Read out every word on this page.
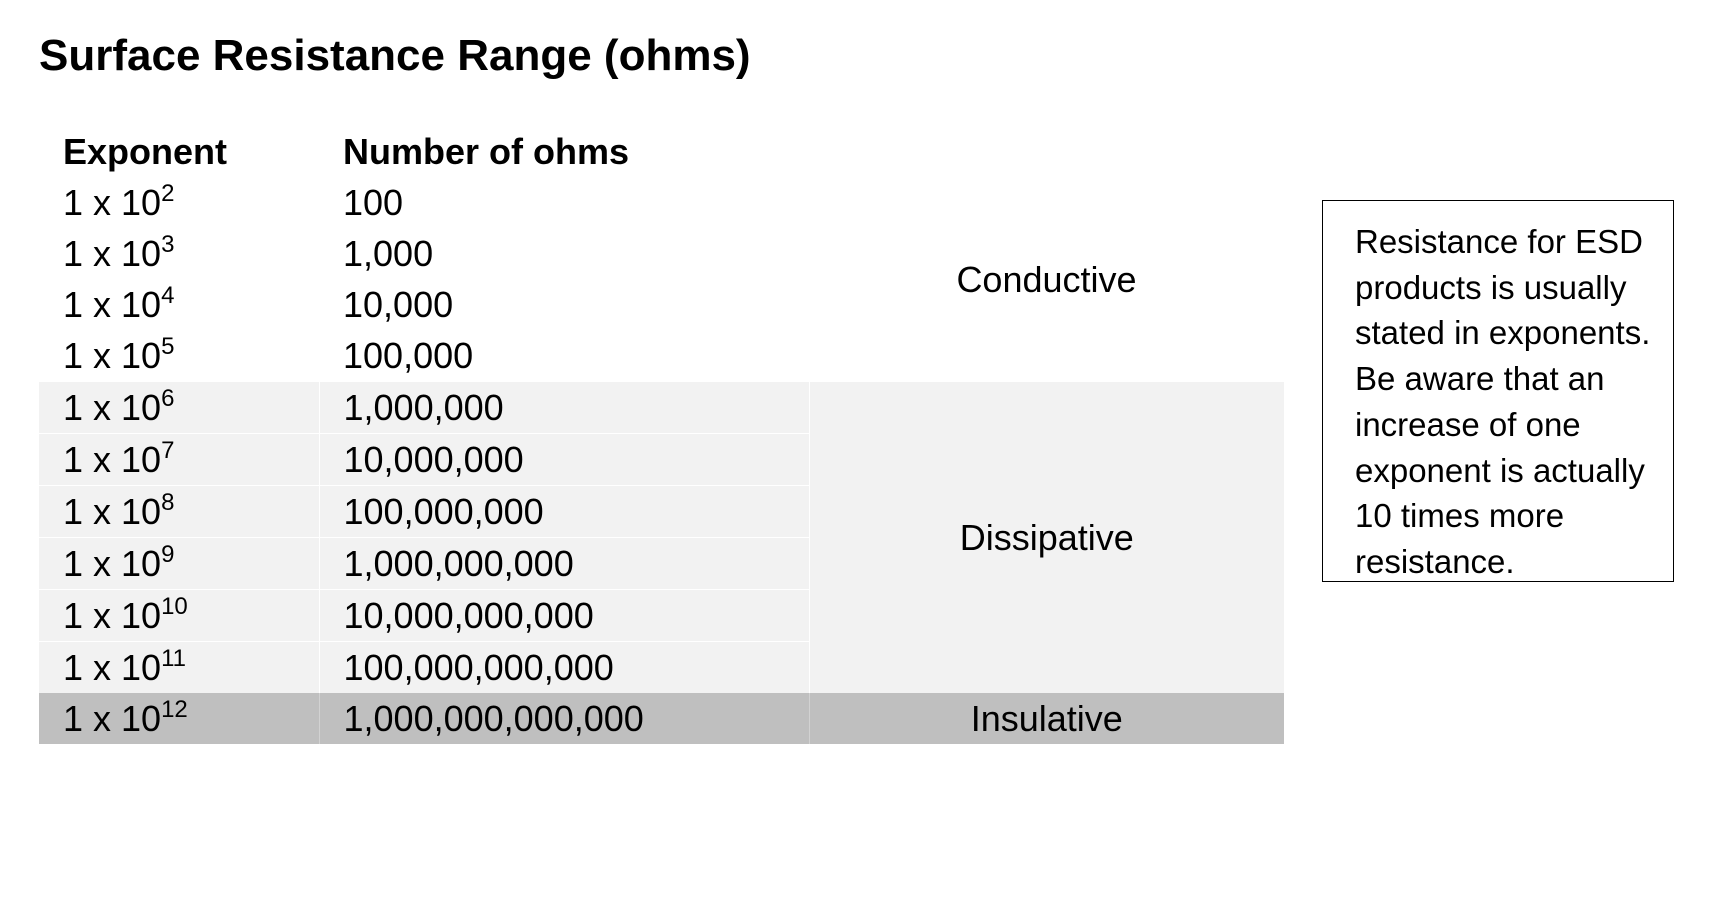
Surface Resistance Range (ohms)
Exponent	Number of ohms	
1 x $10^2$	100	Conductive
1 x $10^3$	1,000	
1 x $10^4$	10,000	
1 x $10^5$	100,000	
1 x $10^6$	1,000,000	Dissipative
1 x $10^7$	10,000,000	
1 x $10^8$	100,000,000	
1 x $10^9$	1,000,000,000	
1 x $10^{10}$	10,000,000,000	
1 x $10^{11}$	100,000,000,000	
1 x $10^{12}$	1,000,000,000,000	Insulative
Resistance for ESD
products is usually
stated in exponents.
Be aware that an
increase of one
exponent is actually
10 times more
resistance.
